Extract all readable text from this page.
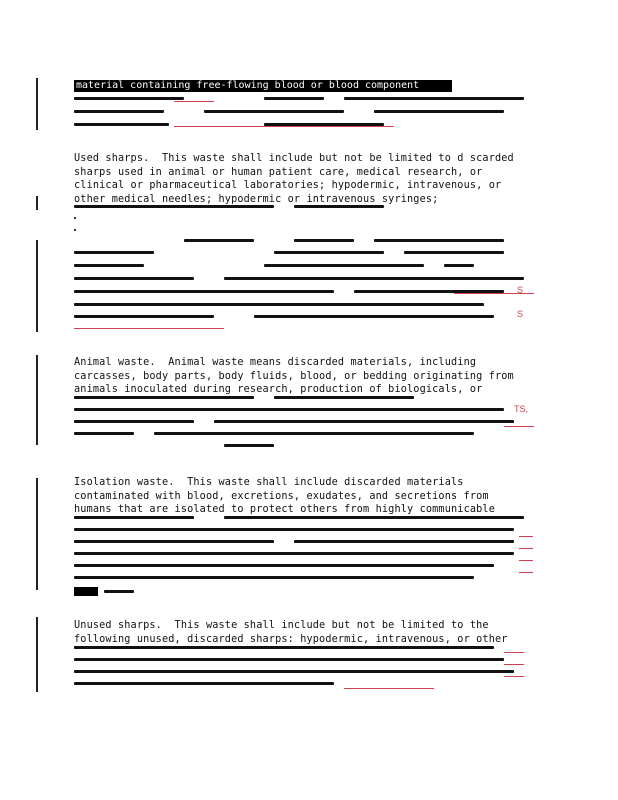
material containing free-flowing blood or blood component
Used sharps.  This waste shall include but not be limited to d scarded
sharps used in animal or human patient care, medical research, or
clinical or pharmaceutical laboratories; hypodermic, intravenous, or
other medical needles; hypodermic or intravenous syringes;
S
S
Animal waste.  Animal waste means discarded materials, including
carcasses, body parts, body fluids, blood, or bedding originating from
animals inoculated during research, production of biologicals, or
TS,
Isolation waste.  This waste shall include discarded materials
contaminated with blood, excretions, exudates, and secretions from
humans that are isolated to protect others from highly communicable
Unused sharps.  This waste shall include but not be limited to the
following unused, discarded sharps: hypodermic, intravenous, or other
